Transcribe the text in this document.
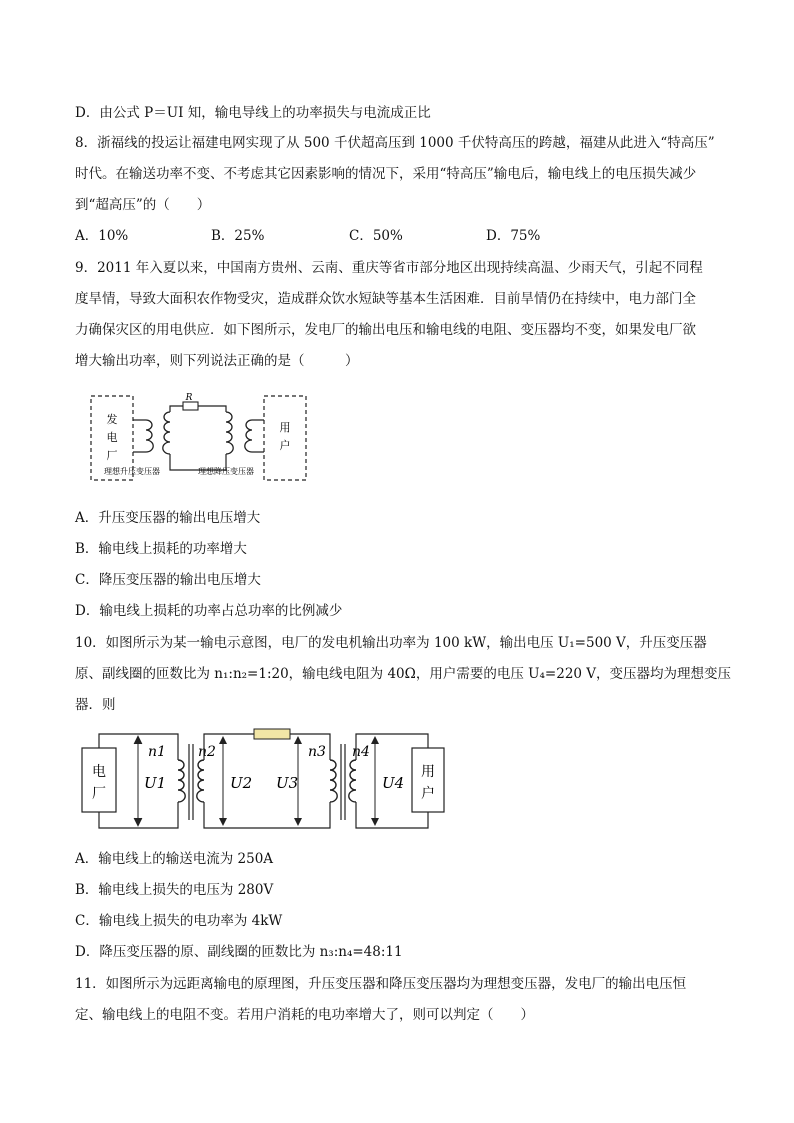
D．由公式 P＝UI 知，输电导线上的功率损失与电流成正比
8．浙福线的投运让福建电网实现了从 500 千伏超高压到 1000 千伏特高压的跨越，福建从此进入“特高压”
时代。在输送功率不变、不考虑其它因素影响的情况下，采用“特高压”输电后，输电线上的电压损失减少
到“超高压”的（　　）
A．10%	B．25%	C．50%	D．75%
9．2011 年入夏以来，中国南方贵州、云南、重庆等省市部分地区出现持续高温、少雨天气，引起不同程
度旱情，导致大面积农作物受灾，造成群众饮水短缺等基本生活困难．目前旱情仍在持续中，电力部门全
力确保灾区的用电供应．如下图所示，发电厂的输出电压和输电线的电阻、变压器均不变，如果发电厂欲
增大输出功率，则下列说法正确的是（　　　）
发
电
厂
用
户
R
理想升压变压器	理想降压变压器
A．升压变压器的输出电压增大
B．输电线上损耗的功率增大
C．降压变压器的输出电压增大
D．输电线上损耗的功率占总功率的比例减少
10．如图所示为某一输电示意图，电厂的发电机输出功率为 100 kW，输出电压 U₁=500 V，升压变压器
原、副线圈的匝数比为 n₁:n₂=1:20，输电线电阻为 40Ω，用户需要的电压 U₄=220 V，变压器均为理想变压
器．则
电
厂
U1
n1 n2
U2 U3
n3 n4
U4
用
户
A．输电线上的输送电流为 250A
B．输电线上损失的电压为 280V
C．输电线上损失的电功率为 4kW
D．降压变压器的原、副线圈的匝数比为 n₃:n₄=48:11
11．如图所示为远距离输电的原理图，升压变压器和降压变压器均为理想变压器，发电厂的输出电压恒
定、输电线上的电阻不变。若用户消耗的电功率增大了，则可以判定（　　）
